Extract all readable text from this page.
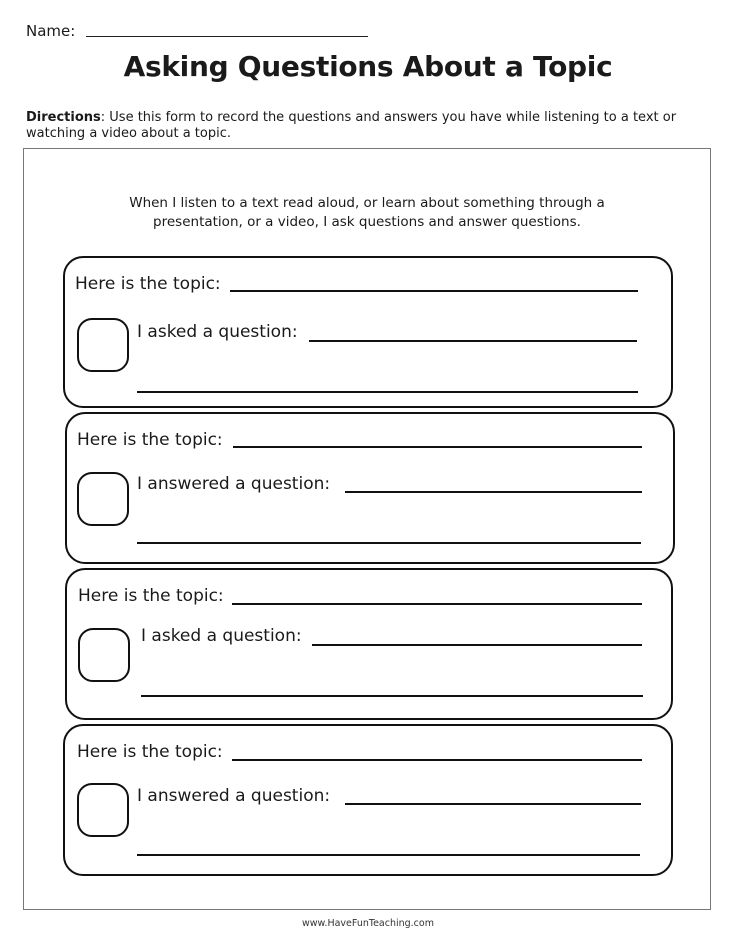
Name:
Asking Questions About a Topic
Directions: Use this form to record the questions and answers you have while listening to a text or watching a video about a topic.
When I listen to a text read aloud, or learn about something through a presentation, or a video, I ask questions and answer questions.
Here is the topic:
I asked a question:
Here is the topic:
I answered a question:
Here is the topic:
I asked a question:
Here is the topic:
I answered a question:
www.HaveFunTeaching.com
